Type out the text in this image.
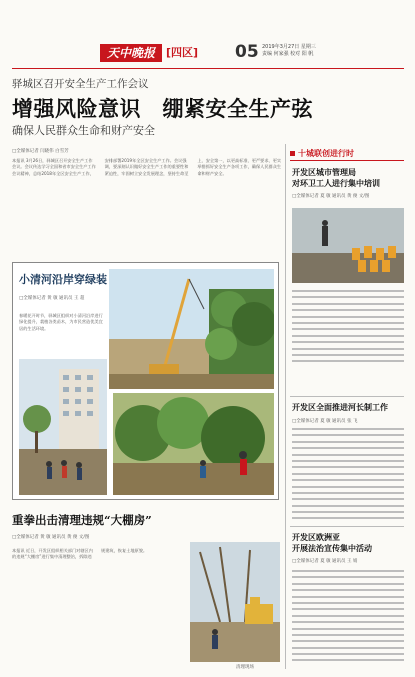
天中晚报	[四区] 05 2019年3月27日 星期三
责编 何家强 校对 阳 帆
驿城区召开安全生产工作会议
增强风险意识　绷紧安全生产弦
确保人民群众生命和财产安全
□全媒体记者 闫晓伟 白雪芳
本报讯 3月26日，驿城区召开安全生产工作会议。会议传达学习全国和省市安全生产工作会议精神，总结2018年全区安全生产工作，安排部署2019年全区安全生产工作。会议强调，要深刻认识做好安全生产工作的重要性和紧迫性，牢固树立安全发展理念，坚持生命至上、安全第一，以更高标准、更严要求、更实举措抓好安全生产各项工作，确保人民群众生命和财产安全。
小清河沿岸穿绿装
□全媒体记者 黄 敏 通讯员 王 超
春暖花开时节，驿城区组织对小清河沿岸进行绿化提升，栽植各类苗木，为市民营造优美宜居的生活环境。
重拳出击清理违规“大棚房”
□全媒体记者 黄 敏 通讯员 黄 俊 文/图
本报讯 近日，开发区组织相关部门对辖区内的违规“大棚房”进行集中清理整治，拆除违规建筑，恢复土地原貌。
清理现场
十城联创进行时
开发区城市管理局
对环卫工人进行集中培训
□全媒体记者 夏 敏 通讯员 黄 俊 文/图
开发区全面推进河长制工作
□全媒体记者 夏 敏 通讯员 张 飞
开发区欧洲亚
开展法治宣传集中活动
□全媒体记者 夏 敏 通讯员 王 娟
